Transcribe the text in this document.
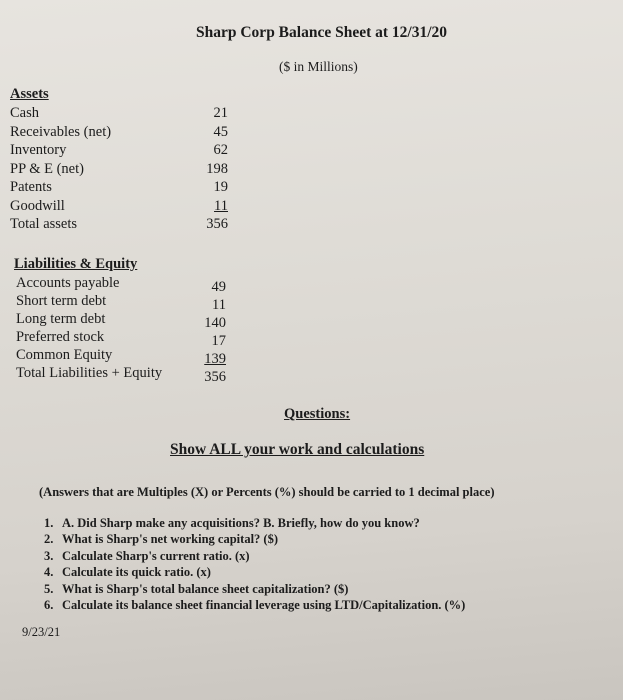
Sharp Corp Balance Sheet at 12/31/20
($ in Millions)
Assets
Cash
Receivables (net)
Inventory
PP & E (net)
Patents
Goodwill
Total assets
21
45
62
198
19
11
356
Liabilities & Equity
Accounts payable
Short term debt
Long term debt
Preferred stock
Common Equity
Total Liabilities + Equity
49
11
140
17
139
356
Questions:
Show ALL your work and calculations
(Answers that are Multiples (X) or Percents (%) should be carried to 1 decimal place)
1. A. Did Sharp make any acquisitions? B. Briefly, how do you know?
2. What is Sharp's net working capital? ($)
3. Calculate Sharp's current ratio. (x)
4. Calculate its quick ratio. (x)
5. What is Sharp's total balance sheet capitalization? ($)
6. Calculate its balance sheet financial leverage using LTD/Capitalization. (%)
9/23/21
